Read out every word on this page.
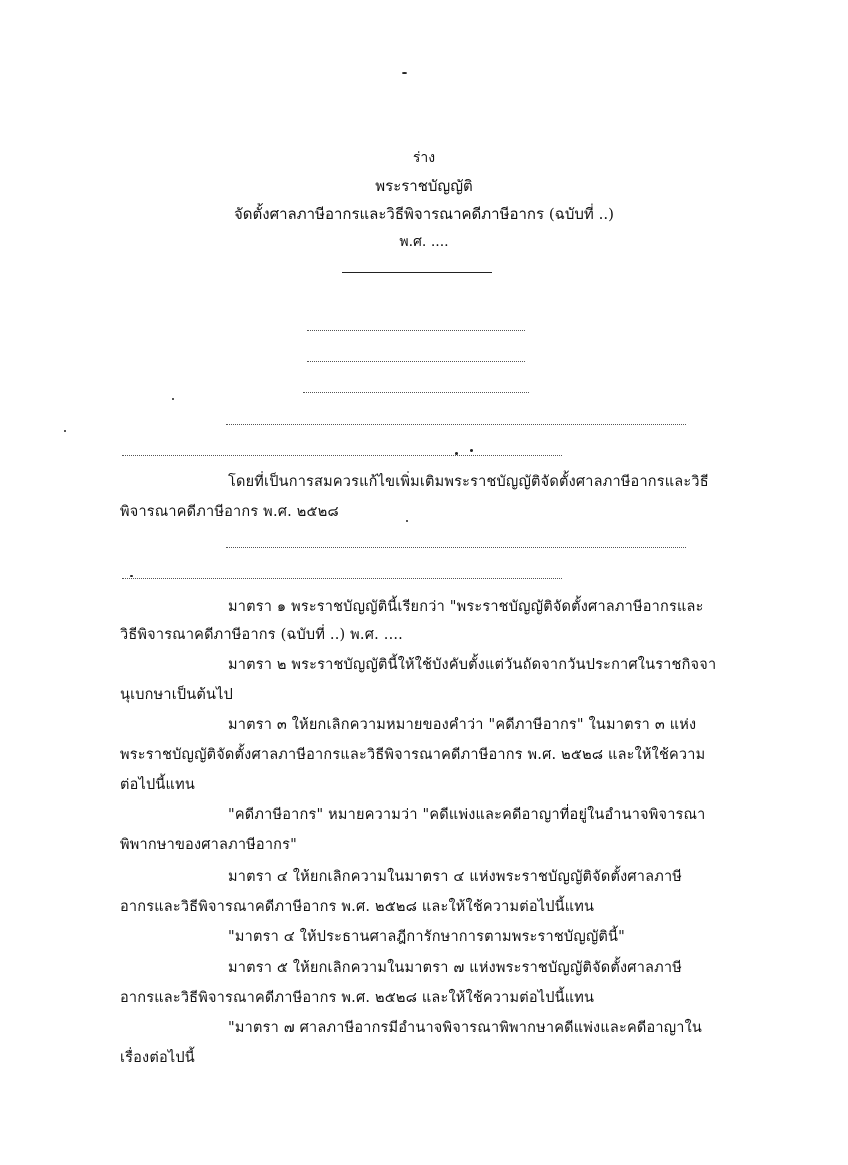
ร่าง
พระราชบัญญัติ
จัดตั้งศาลภาษีอากรและวิธีพิจารณาคดีภาษีอากร (ฉบับที่ ..)
พ.ศ. ....
โดยที่เป็นการสมควรแก้ไขเพิ่มเติมพระราชบัญญัติจัดตั้งศาลภาษีอากรและวิธี
พิจารณาคดีภาษีอากร พ.ศ. ๒๕๒๘
มาตรา ๑ พระราชบัญญัตินี้เรียกว่า "พระราชบัญญัติจัดตั้งศาลภาษีอากรและ
วิธีพิจารณาคดีภาษีอากร (ฉบับที่ ..) พ.ศ. ....
มาตรา ๒ พระราชบัญญัตินี้ให้ใช้บังคับตั้งแต่วันถัดจากวันประกาศในราชกิจจา
นุเบกษาเป็นต้นไป
มาตรา ๓ ให้ยกเลิกความหมายของคำว่า "คดีภาษีอากร" ในมาตรา ๓ แห่ง
พระราชบัญญัติจัดตั้งศาลภาษีอากรและวิธีพิจารณาคดีภาษีอากร พ.ศ. ๒๕๒๘ และให้ใช้ความ
ต่อไปนี้แทน
"คดีภาษีอากร" หมายความว่า "คดีแพ่งและคดีอาญาที่อยู่ในอำนาจพิจารณา
พิพากษาของศาลภาษีอากร"
มาตรา ๔ ให้ยกเลิกความในมาตรา ๔ แห่งพระราชบัญญัติจัดตั้งศาลภาษี
อากรและวิธีพิจารณาคดีภาษีอากร พ.ศ. ๒๕๒๘ และให้ใช้ความต่อไปนี้แทน
"มาตรา ๔ ให้ประธานศาลฎีการักษาการตามพระราชบัญญัตินี้"
มาตรา ๕ ให้ยกเลิกความในมาตรา ๗ แห่งพระราชบัญญัติจัดตั้งศาลภาษี
อากรและวิธีพิจารณาคดีภาษีอากร พ.ศ. ๒๕๒๘ และให้ใช้ความต่อไปนี้แทน
"มาตรา ๗ ศาลภาษีอากรมีอำนาจพิจารณาพิพากษาคดีแพ่งและคดีอาญาใน
เรื่องต่อไปนี้
